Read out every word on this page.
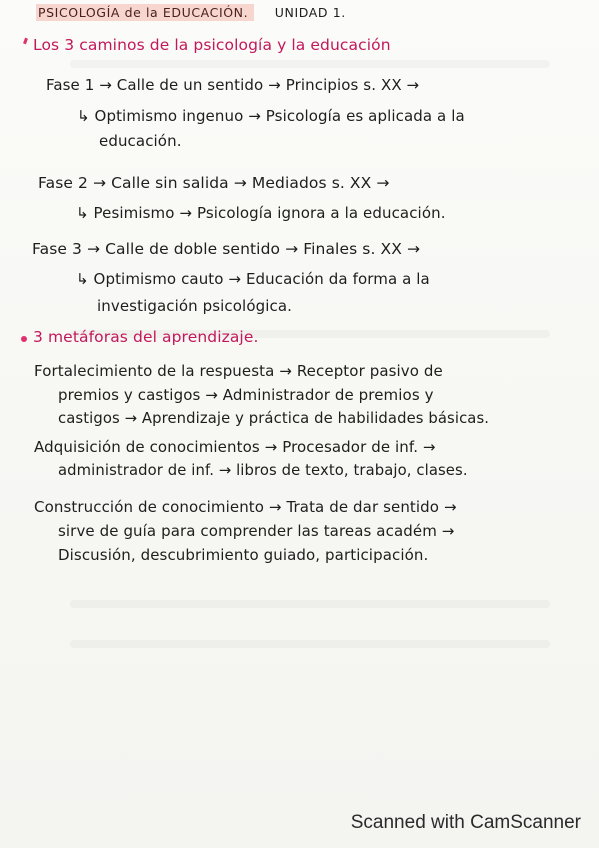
PSICOLOGÍA de la EDUCACIÓN. UNIDAD 1.
Los 3 caminos de la psicología y la educación
Fase 1 → Calle de un sentido → Principios s. XX →
↳ Optimismo ingenuo → Psicología es aplicada a la
educación.
Fase 2 → Calle sin salida → Mediados s. XX →
↳ Pesimismo → Psicología ignora a la educación.
Fase 3 → Calle de doble sentido → Finales s. XX →
↳ Optimismo cauto → Educación da forma a la
investigación psicológica.
3 metáforas del aprendizaje.
Fortalecimiento de la respuesta → Receptor pasivo de
premios y castigos → Administrador de premios y
castigos → Aprendizaje y práctica de habilidades básicas.
Adquisición de conocimientos → Procesador de inf. →
administrador de inf. → libros de texto, trabajo, clases.
Construcción de conocimiento → Trata de dar sentido →
sirve de guía para comprender las tareas académ →
Discusión, descubrimiento guiado, participación.
Scanned with CamScanner
